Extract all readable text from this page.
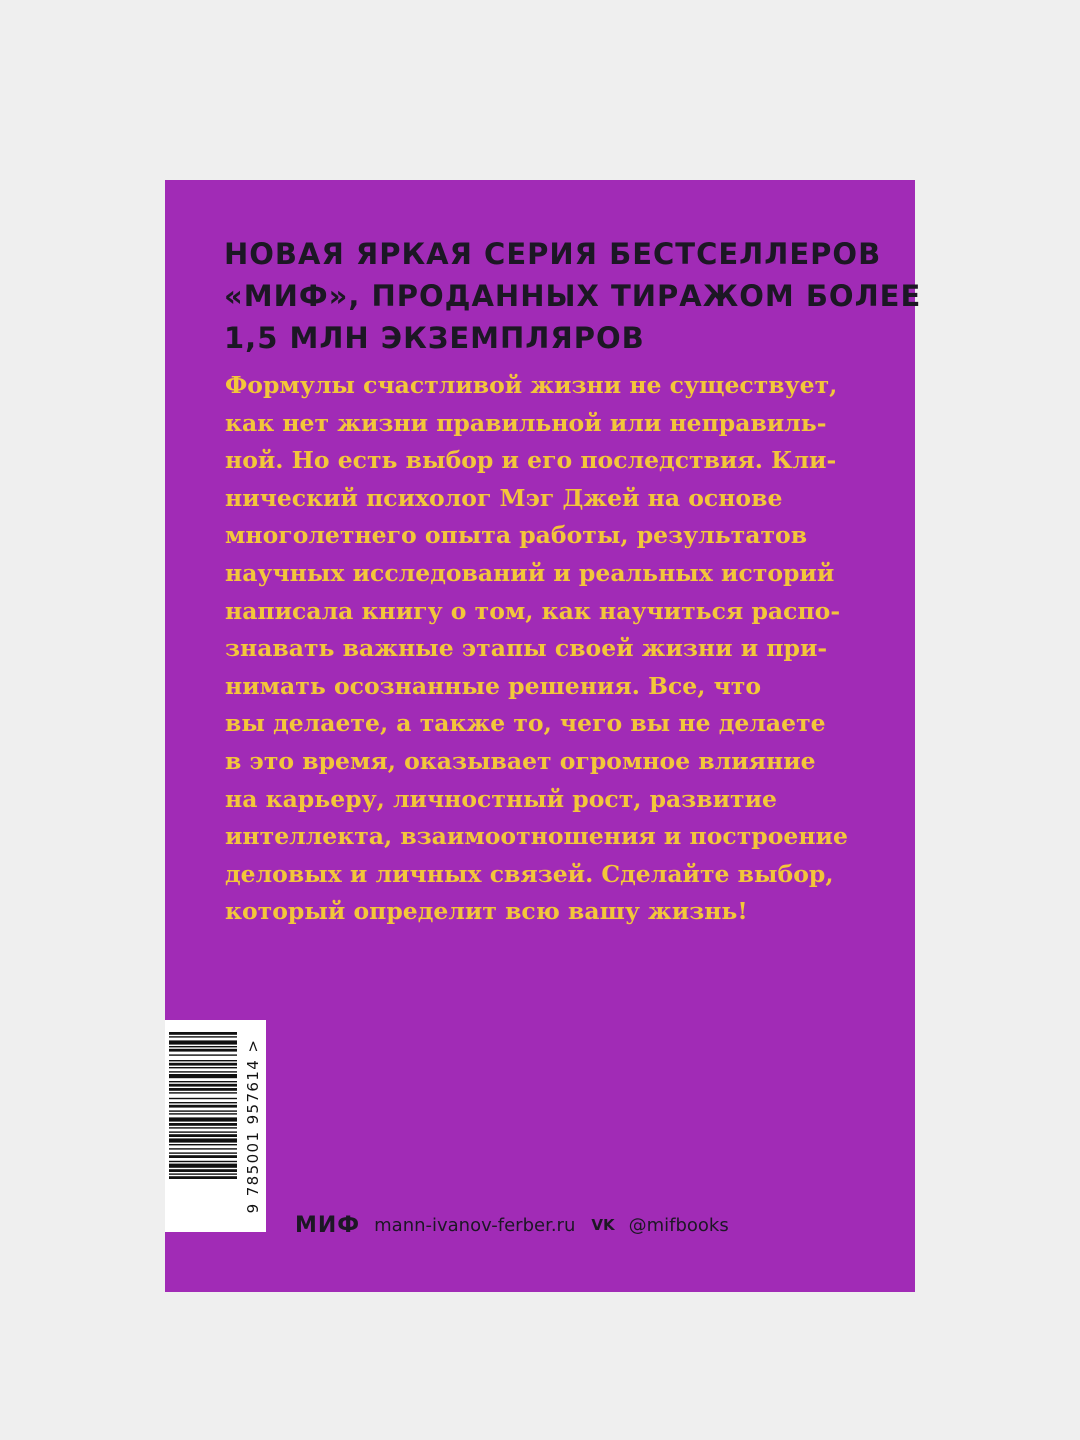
НОВАЯ ЯРКАЯ СЕРИЯ БЕСТСЕЛЛЕРОВ
«МИФ», ПРОДАННЫХ ТИРАЖОМ БОЛЕЕ
1,5 МЛН ЭКЗЕМПЛЯРОВ
Формулы счастливой жизни не существует,
как нет жизни правильной или неправиль-
ной. Но есть выбор и его последствия. Кли-
нический психолог Мэг Джей на основе
многолетнего опыта работы, результатов
научных исследований и реальных историй
написала книгу о том, как научиться распо-
знавать важные этапы своей жизни и при-
нимать осознанные решения. Все, что
вы делаете, а также то, чего вы не делаете
в это время, оказывает огромное влияние
на карьеру, личностный рост, развитие
интеллекта, взаимоотношения и построение
деловых и личных связей. Сделайте выбор,
который определит всю вашу жизнь!
9 785001 957614 >
МИФ mann-ivanov-ferber.ru VK @mifbooks
